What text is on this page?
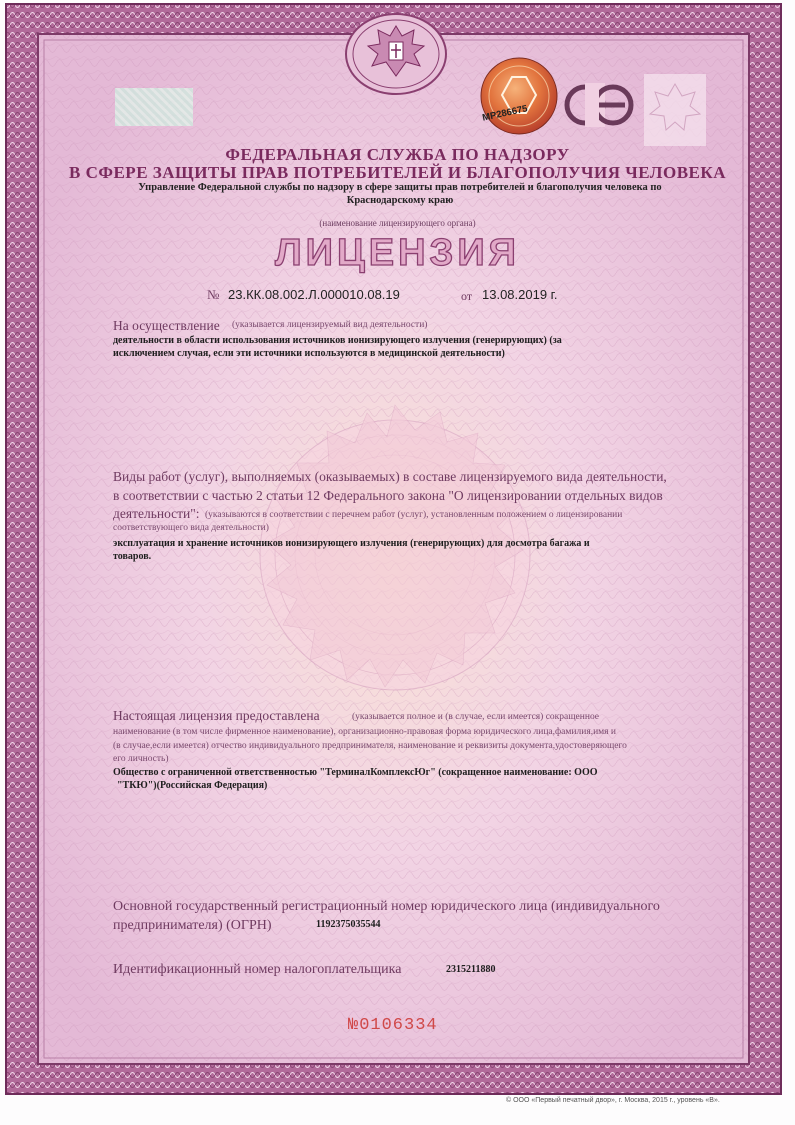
МР286675
ФЕДЕРАЛЬНАЯ СЛУЖБА ПО НАДЗОРУ
В СФЕРЕ ЗАЩИТЫ ПРАВ ПОТРЕБИТЕЛЕЙ И БЛАГОПОЛУЧИЯ ЧЕЛОВЕКА
Управление Федеральной службы по надзору в сфере защиты прав потребителей и благополучия человека по
Краснодарскому краю
(наименование лицензирующего органа)
ЛИЦЕНЗИЯ
№ 23.КК.08.002.Л.000010.08.19	от 13.08.2019 г.
На осуществление (указывается лицензируемый вид деятельности)
деятельности в области использования источников ионизирующего излучения (генерирующих) (за
исключением случая, если эти источники используются в медицинской деятельности)
Виды работ (услуг), выполняемых (оказываемых) в составе лицензируемого вида деятельности,
в соответствии с частью 2 статьи 12 Федерального закона "О лицензировании отдельных видов
деятельности": (указываются в соответствии с перечнем работ (услуг), установленным положением о лицензировании
соответствующего вида деятельности)
эксплуатация и хранение источников ионизирующего излучения (генерирующих) для досмотра багажа и
товаров.
Настоящая лицензия предоставлена	(указывается полное и (в случае, если имеется) сокращенное
наименование (в том числе фирменное наименование), организационно-правовая форма юридического лица,фамилия,имя и
(в случае,если имеется) отчество индивидуального предпринимателя, наименование и реквизиты документа,удостоверяющего
его личность)
Общество с ограниченной ответственностью "ТерминалКомплексЮг" (сокращенное наименование: ООО
"ТКЮ")(Российская Федерация)
Основной государственный регистрационный номер юридического лица (индивидуального
предпринимателя) (ОГРН)	1192375035544
Идентификационный номер налогоплательщика	2315211880
№0106334
© ООО «Первый печатный двор», г. Москва, 2015 г., уровень «В».
